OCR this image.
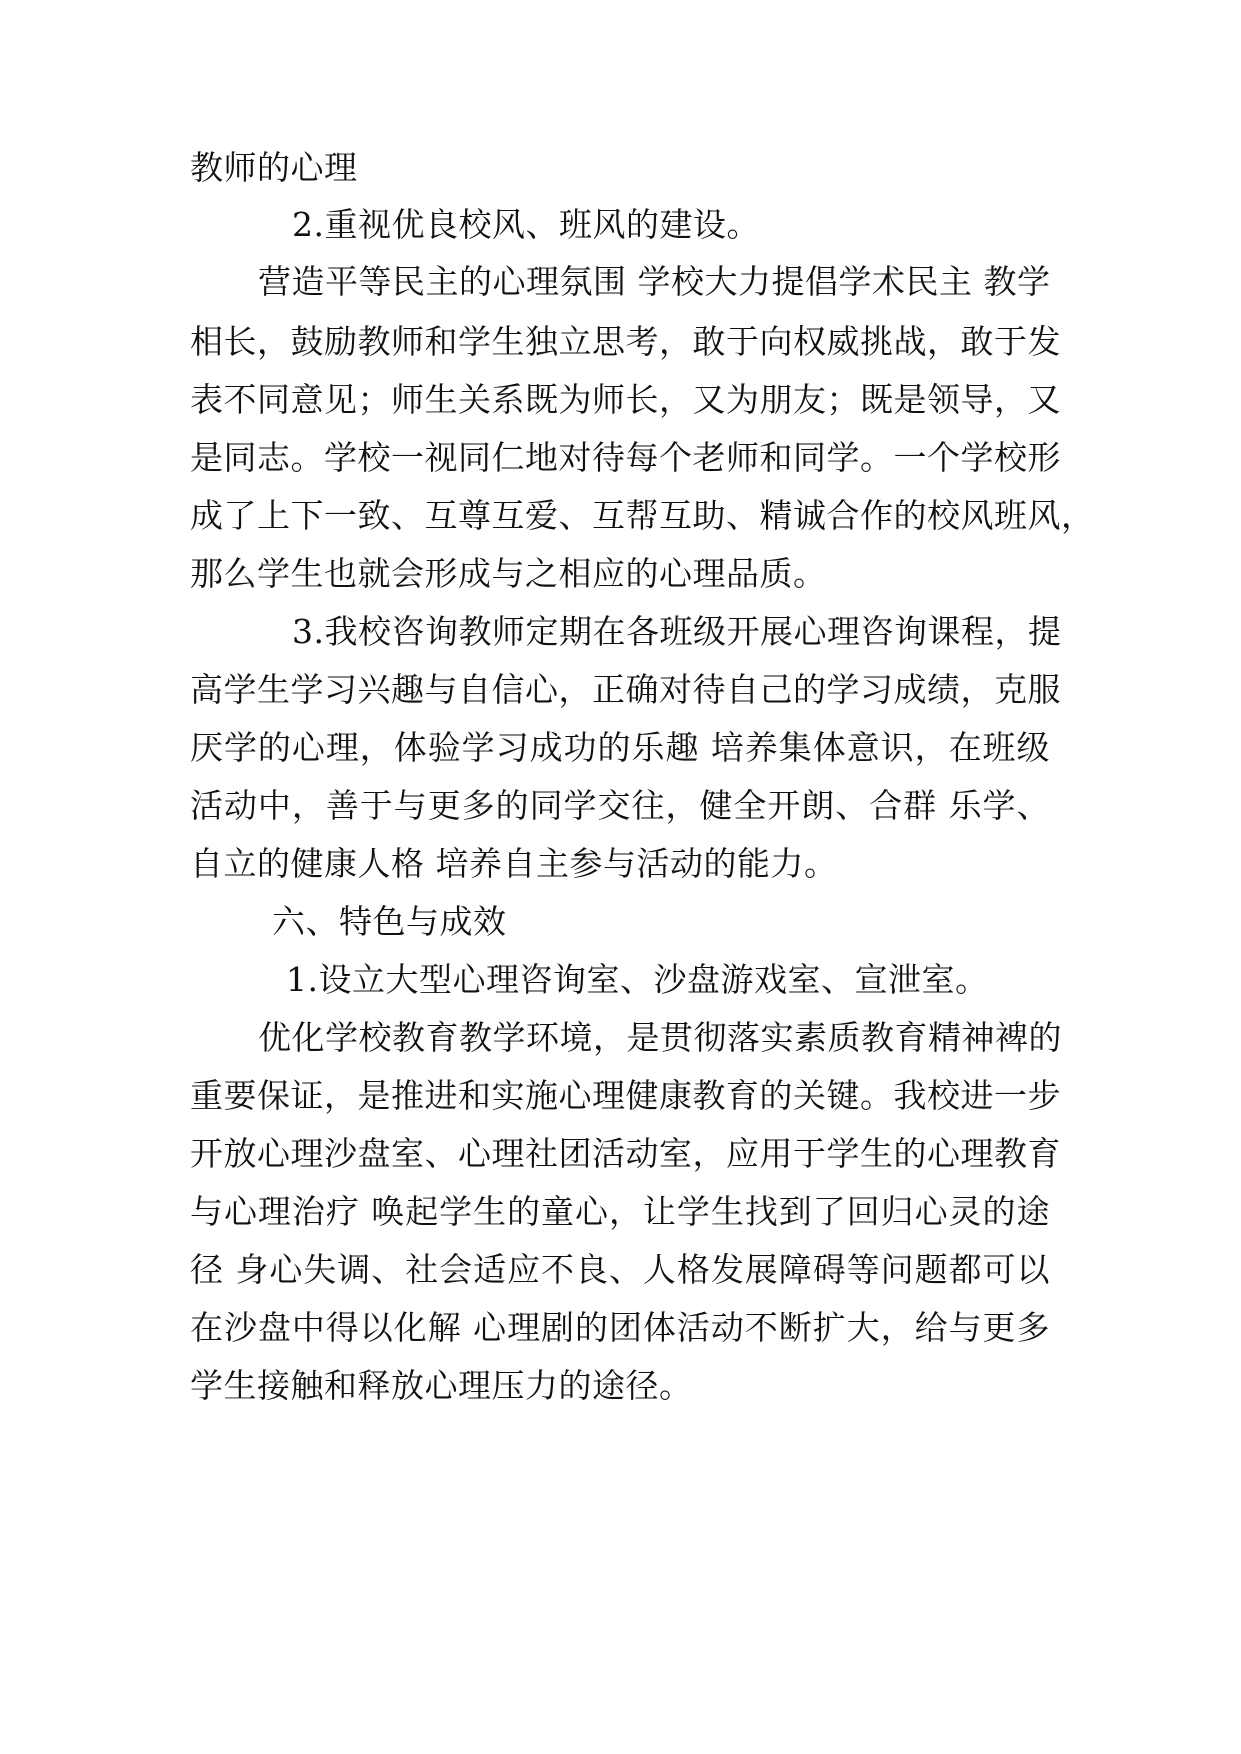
教师的心理
2.重视优良校风、班风的建设。
营造平等民主的心理氛围 学校大力提倡学术民主 教学
相长，鼓励教师和学生独立思考，敢于向权威挑战，敢于发
表不同意见；师生关系既为师长，又为朋友；既是领导，又
是同志。学校一视同仁地对待每个老师和同学。一个学校形
成了上下一致、互尊互爱、互帮互助、精诚合作的校风班风，
那么学生也就会形成与之相应的心理品质。
3.我校咨询教师定期在各班级开展心理咨询课程，提
高学生学习兴趣与自信心，正确对待自己的学习成绩，克服
厌学的心理，体验学习成功的乐趣 培养集体意识，在班级
活动中，善于与更多的同学交往，健全开朗、合群 乐学、
自立的健康人格 培养自主参与活动的能力。
六、特色与成效
1.设立大型心理咨询室、沙盘游戏室、宣泄室。
优化学校教育教学环境，是贯彻落实素质教育精神裨的
重要保证，是推进和实施心理健康教育的关键。我校进一步
开放心理沙盘室、心理社团活动室，应用于学生的心理教育
与心理治疗 唤起学生的童心，让学生找到了回归心灵的途
径 身心失调、社会适应不良、人格发展障碍等问题都可以
在沙盘中得以化解 心理剧的团体活动不断扩大，给与更多
学生接触和释放心理压力的途径。
